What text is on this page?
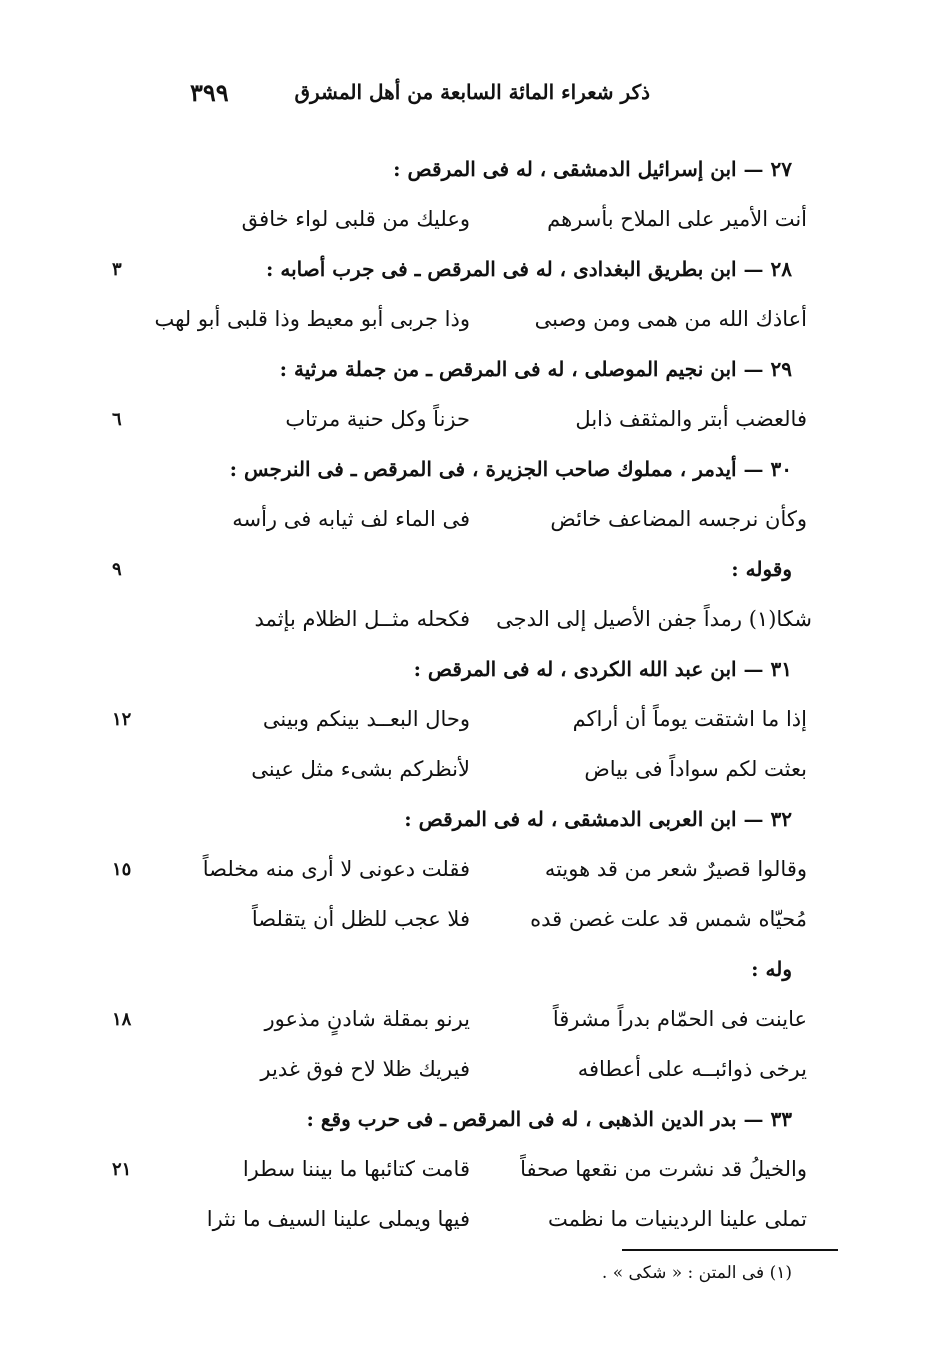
٣٩٩	ذكر شعراء المائة السابعة من أهل المشرق
٢٧ — ابن إسرائيل الدمشقى ، له فى المرقص :
أنت الأمير على الملاح بأسرهم
وعليك من قلبى لواء خافق
٢٨ — ابن بطريق البغدادى ، له فى المرقص ـ فى جرب أصابه :
٣
أعاذك الله من همى ومن وصبى
وذا جربى أبو معيط وذا قلبى أبو لهب
٢٩ — ابن نجيم الموصلى ، له فى المرقص ـ من جملة مرثية :
فالعضب أبتر والمثقف ذابل
حزناً وكل حنية مرتاب
٦
٣٠ — أيدمر ، مملوك صاحب الجزيرة ، فى المرقص ـ فى النرجس :
وكأن نرجسه المضاعف خائض
فى الماء لف ثيابه فى رأسه
وقوله :
٩
شكا(١) رمداً جفن الأصيل إلى الدجى
فكحله مثــل الظلام بإثمد
٣١ — ابن عبد الله الكردى ، له فى المرقص :
إذا ما اشتقت يوماً أن أراكم
وحال البعــد بينكم وبينى
١٢
بعثت لكم سواداً فى بياض
لأنظركم بشىء مثل عينى
٣٢ — ابن العربى الدمشقى ، له فى المرقص :
وقالوا قصيرٌ شعر من قد هويته
فقلت دعونى لا أرى منه مخلصاً
١٥
مُحيّاه شمس قد علت غصن قده
فلا عجب للظل أن يتقلصاً
وله :
عاينت فى الحمّام بدراً مشرقاً
يرنو بمقلة شادنٍ مذعور
١٨
يرخى ذوائبــه على أعطافه
فيريك ظلا لاح فوق غدير
٣٣ — بدر الدين الذهبى ، له فى المرقص ـ فى حرب وقع :
والخيلُ قد نشرت من نقعها صحفاً
قامت كتائبها ما بيننا سطرا
٢١
تملى علينا الردينيات ما نظمت
فيها ويملى علينا السيف ما نثرا
(١) فى المتن : « شكى » .
